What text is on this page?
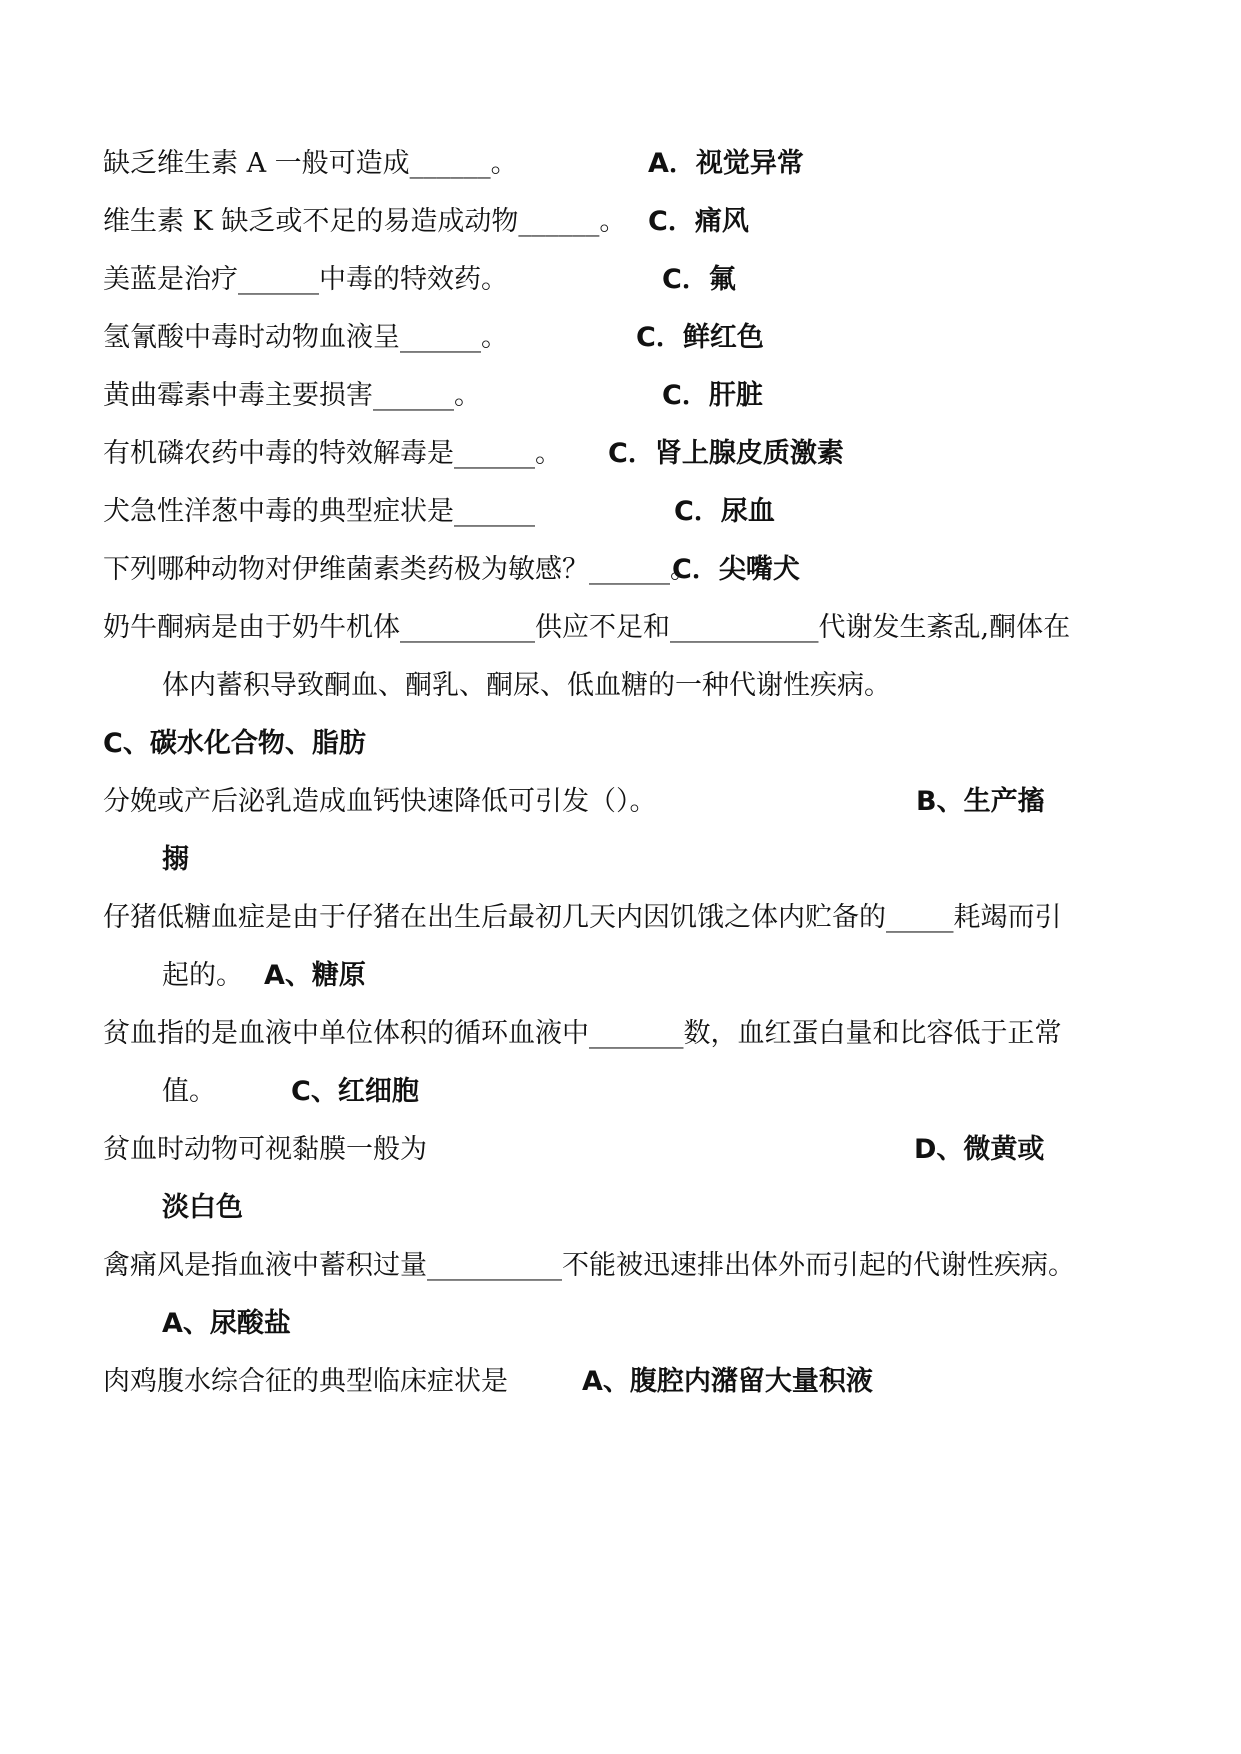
缺乏维生素 A 一般可造成______。	A．视觉异常
维生素 K 缺乏或不足的易造成动物______。 C．痛风
美蓝是治疗______中毒的特效药。	C．氟
氢氰酸中毒时动物血液呈______。	C．鲜红色
黄曲霉素中毒主要损害______。	C．肝脏
有机磷农药中毒的特效解毒是______。 C．肾上腺皮质激素
犬急性洋葱中毒的典型症状是______	C．尿血
下列哪种动物对伊维菌素类药极为敏感？______。
C．尖嘴犬
奶牛酮病是由于奶牛机体__________供应不足和___________代谢发生紊乱,酮体在
体内蓄积导致酮血、酮乳、酮尿、低血糖的一种代谢性疾病。
C、碳水化合物、脂肪
分娩或产后泌乳造成血钙快速降低可引发（）。	B、生产搐
搦
仔猪低糖血症是由于仔猪在出生后最初几天内因饥饿之体内贮备的_____耗竭而引
起的。 A、糖原
贫血指的是血液中单位体积的循环血液中_______数，血红蛋白量和比容低于正常
值。	C、红细胞
贫血时动物可视黏膜一般为	D、微黄或
淡白色
禽痛风是指血液中蓄积过量__________不能被迅速排出体外而引起的代谢性疾病。
A、尿酸盐
肉鸡腹水综合征的典型临床症状是	A、腹腔内潴留大量积液
